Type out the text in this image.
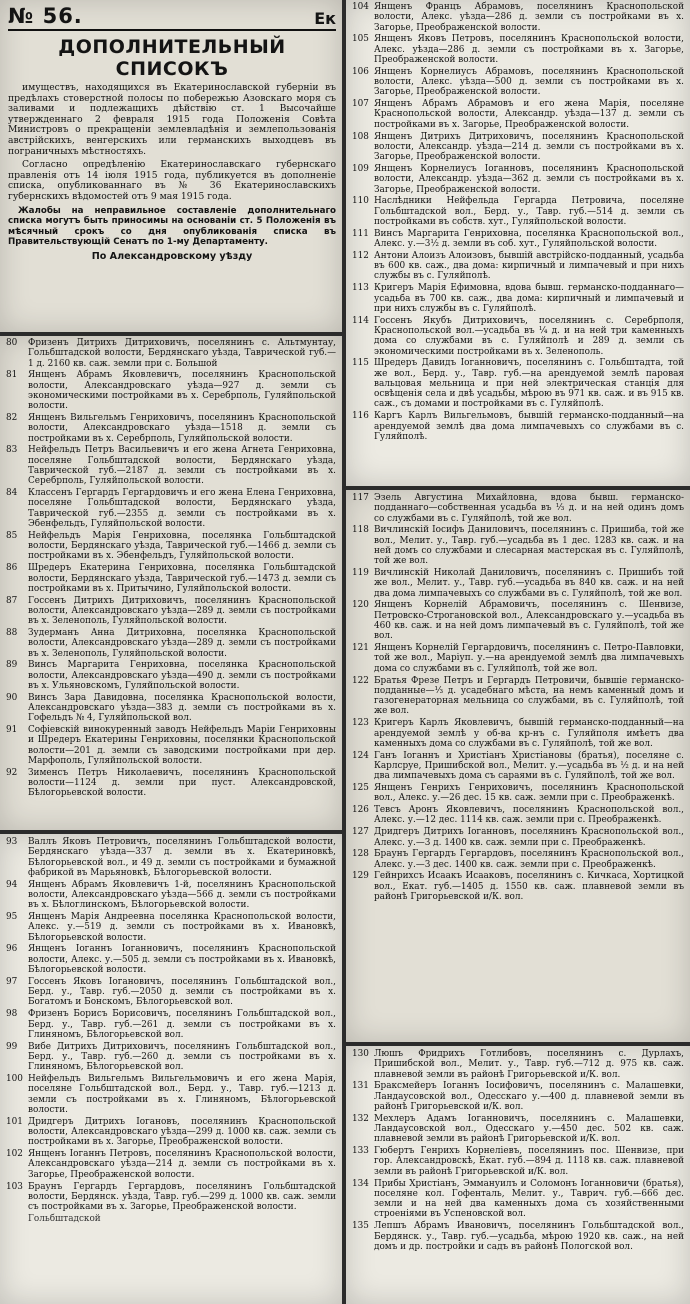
№ 56.	Ек
ДОПОЛНИТЕЛЬНЫЙ СПИСОКЪ

имуществъ, находящихся въ Екатеринославской губерніи въ предѣлахъ стоверстной полосы по побережью Азовскаго моря съ заливами и подлежащихъ дѣйствію ст. 1 Высочайше утвержденнаго 2 февраля 1915 года Положенія Совѣта Министровъ о прекращеніи землевладѣнія и землепользованія австрійскихъ, венгерскихъ или германскихъ выходцевъ въ пограничныхъ мѣстностяхъ.

Согласно опредѣленію Екатеринославскаго губернскаго правленія отъ 14 іюля 1915 года, публикуется въ дополненіе списка, опубликованнаго въ № 36 Екатеринославскихъ губернскихъ вѣдомостей отъ 9 мая 1915 года.

Жалобы на неправильное составленіе дополнительнаго списка могутъ быть приносимы на основаніи ст. 5 Положенія въ мѣсячный срокъ со дня опубликованія списка въ Правительствующій Сенатъ по 1-му Департаменту.

По Александровскому уѣзду

80 Фризенъ Дитрихъ Дитриховичъ, поселянинъ с. Альтмунтау, Гольбштадской волости, Бердянскаго уѣзда, Таврической губ.—1 д. 2160 кв. саж. земли при с. Большой

81 Янщенъ Абрамъ Яковлевичъ, поселянинъ Краснопольской волости, Александровскаго уѣзда—927 д. земли съ экономическими постройками въ х. Серебрполь, Гуляйпольской волости.

82 Янщенъ Вильгельмъ Генриховичъ, поселянинъ Краснопольской волости, Александровскаго уѣзда—1518 д. земли съ постройками въ х. Серебрполь, Гуляйпольской волости.

83 Нейфельдъ Петръ Васильевичъ и его жена Агнета Генриховна, поселяне Гольбштадской волости, Бердянскаго уѣзда, Таврической губ.—2187 д. земли съ постройками въ х. Серебрполь, Гуляйпольской волости.

84 Классенъ Гергардъ Гергардовичъ и его жена Елена Генриховна, поселяне Гольбштадской волости, Бердянскаго уѣзда, Таврической губ.—2355 д. земли съ постройками въ х. Эбенфельдъ, Гуляйпольской волости.

85 Нейфельдъ Марія Генриховна, поселянка Гольбштадской волости, Бердянскаго уѣзда, Таврической губ.—1466 д. земли съ постройками въ х. Эбенфельдъ, Гуляйпольской волости.

86 Шредеръ Екатерина Генриховна, поселянка Гольбштадской волости, Бердянскаго уѣзда, Таврической губ.—1473 д. земли съ постройками въ х. Притычино, Гуляйпольской волости.

87 Госсенъ Дитрихъ Дитриховичъ, поселянинъ Краснопольской волости, Александровскаго уѣзда—289 д. земли съ постройками въ х. Зеленополь, Гуляйпольской волости.

88 Зудерманъ Анна Дитриховна, поселянка Краснопольской волости, Александровскаго уѣзда—289 д. земли съ постройками въ х. Зеленополь, Гуляйпольской волости.

89 Винсъ Маргарита Генриховна, поселянка Краснопольской волости, Александровскаго уѣзда—490 д. земли съ постройками въ х. Ульяновскомъ, Гуляйпольской волости.

90 Винсъ Зара Давидовна, поселянка Краснопольской волости, Александровскаго уѣзда—383 д. земли съ постройками въ х. Гофельдъ № 4, Гуляйпольской вол.

91 Софіевскій винокуренный заводъ Нейфельдъ Маріи Генриховны и Шредеръ Екатерины Генриховны, поселянки Краснопольской волости—201 д. земли съ заводскими постройками при дер. Марфополь, Гуляйпольской волости.

92 Зименсъ Петръ Николаевичъ, поселянинъ Краснопольской волости—1124 д. земли при пуст. Александровской, Бѣлогорьевской волости.

93 Валлъ Яковъ Петровичъ, поселянинъ Гольбштадской волости, Бердянскаго уѣзда—337 д. земли въ х. Екатериновкѣ, Бѣлогорьевской вол., и 49 д. земли съ постройками и бумажной фабрикой въ Марьяновкѣ, Бѣлогорьевской волости.

94 Янщенъ Абрамъ Яковлевичъ 1-й, поселянинъ Краснопольской волости, Александровскаго уѣзда—566 д. земли съ постройками въ х. Бѣлоглинскомъ, Бѣлогорьевской волости.

95 Янщенъ Марія Андреевна поселянка Краснопольской волости, Алекс. у.—519 д. земли съ постройками въ х. Ивановкѣ, Бѣлогорьевской волости.

96 Янщенъ Іоганнъ Іоганновичъ, поселянинъ Краснопольской волости, Алекс. у.—505 д. земли съ постройками въ х. Ивановкѣ, Бѣлогорьевской волости.

97 Госсенъ Яковъ Іогановичъ, поселянинъ Гольбштадской вол., Берд. у., Тавр. губ.—2050 д. земли съ постройками въ х. Богатомъ и Бонскомъ, Бѣлогорьевской вол.

98 Фризенъ Борисъ Борисовичъ, поселянинъ Гольбштадской вол., Берд. у., Тавр. губ.—261 д. земли съ постройками въ х. Глиняномъ, Бѣлогорьевской вол.

99 Вибе Дитрихъ Дитриховичъ, поселянинъ Гольбштадской вол., Берд. у., Тавр. губ.—260 д. земли съ постройками въ х. Глиняномъ, Бѣлогорьевской вол.

100 Нейфельдъ Вильгельмъ Вильгельмовичъ и его жена Марія, поселяне Гольбштадской вол., Берд. у., Тавр. губ.—1213 д. земли съ постройками въ х. Глиняномъ, Бѣлогорьевской волости.

101 Дридгеръ Дитрихъ Іогановъ, поселянинъ Краснопольской волости, Александровскаго уѣзда—299 д. 1000 кв. саж. земли съ постройками въ х. Загорье, Преображенской волости.

102 Янщенъ Іоганнъ Петровъ, поселянинъ Краснопольской волости, Александровскаго уѣзда—214 д. земли съ постройками въ х. Загорье, Преображенской волости.

103 Браунъ Гергардъ Гергардовъ, поселянинъ Гольбштадской волости, Бердянск. уѣзда, Тавр. губ.—299 д. 1000 кв. саж. земли съ постройками въ х. Загорье, Преображенской волости.

Гольбштадской

104 Янщенъ Францъ Абрамовъ, поселянинъ Краснопольской волости, Алекс. уѣзда—286 д. земли съ постройками въ х. Загорье, Преображенской волости.

105 Янщенъ Яковъ Петровъ, поселянинъ Краснопольской волости, Алекс. уѣзда—286 д. земли съ постройками въ х. Загорье, Преображенской волости.

106 Янщенъ Корнелиусъ Абрамовъ, поселянинъ Краснопольской волости, Алекс. уѣзда—500 д. земли съ постройками въ х. Загорье, Преображенской волости.

107 Янщенъ Абрамъ Абрамовъ и его жена Марія, поселяне Краснопольской волости, Александр. уѣзда—137 д. земли съ постройками въ х. Загорье, Преображенской волости.

108 Янщенъ Дитрихъ Дитриховичъ, поселянинъ Краснопольской волости, Александр. уѣзда—214 д. земли съ постройками въ х. Загорье, Преображенской волости.

109 Янщенъ Корнелиусъ Іоганновъ, поселянинъ Краснопольской волости, Александр. уѣзда—362 д. земли съ постройками въ х. Загорье, Преображенской волости.

110 Наслѣдники Нейфельда Гергарда Петровича, поселяне Гольбштадской вол., Берд. у., Тавр. губ.—514 д. земли съ постройками въ собств. хут., Гуляйпольской волости.

111 Винсъ Маргарита Генриховна, поселянка Краснопольской вол., Алекс. у.—3½ д. земли въ соб. хут., Гуляйпольской волости.

112 Антони Алоизъ Алоизовъ, бывшій австрійско-подданный, усадьба въ 600 кв. саж., два дома: кирпичный и лимпачевый и при нихъ службы въ с. Гуляйполѣ.

113 Кригеръ Марія Ефимовна, вдова бывш. германско-подданнаго—усадьба въ 700 кв. саж., два дома: кирпичный и лимпачевый и при нихъ службы въ с. Гуляйполѣ.

114 Госсенъ Якубъ Дитриховичъ, поселянинъ с. Серебрполя, Краснопольской вол.—усадьба въ ¼ д. и на ней три каменныхъ дома со службами въ с. Гуляйполѣ и 289 д. земли съ экономическими постройками въ х. Зеленополь.

115 Шредеръ Давидъ Іоганновичъ, поселянинъ с. Гольбштадта, той же вол., Берд. у., Тавр. губ.—на арендуемой землѣ паровая вальцовая мельница и при ней электрическая станція для освѣщенія села и двѣ усадьбы, мѣрою въ 971 кв. саж. и въ 915 кв. саж., съ домами и постройками въ с. Гуляйполѣ.

116 Каргъ Карлъ Вильгельмовъ, бывшій германско-подданный—на арендуемой землѣ два дома лимпачевыхъ со службами въ с. Гуляйполѣ.

117 Эзель Августина Михайловна, вдова бывш. германско-подданнаго—собственная усадьба въ ⅓ д. и на ней одинъ домъ со службами въ с. Гуляйполѣ, той же вол.

118 Вичлинскій Іосифъ Даниловичъ, поселянинъ с. Пришиба, той же вол., Мелит. у., Тавр. губ.—усадьба въ 1 дес. 1283 кв. саж. и на ней домъ со службами и слесарная мастерская въ с. Гуляйполѣ, той же вол.

119 Вичлинскій Николай Даниловичъ, поселянинъ с. Пришибъ той же вол., Мелит. у., Тавр. губ.—усадьба въ 840 кв. саж. и на ней два дома лимпачевыхъ со службами въ с. Гуляйполѣ, той же вол.

120 Янщенъ Корнелій Абрамовичъ, поселянинъ с. Шенвизе, Петровско-Строгановской вол., Александровскаго у.—усадьба въ 460 кв. саж. и на ней домъ лимпачевый въ с. Гуляйполѣ, той же вол.

121 Янщенъ Корнелій Гергардовичъ, поселянинъ с. Петро-Павловки, той же вол., Маріуп. у.—на арендуемой землѣ два лимпачевыхъ дома со службами въ с. Гуляйполѣ, той же вол.

122 Братья Фрезе Петръ и Гергардъ Петровичи, бывшіе германско-подданные—⅓ д. усадебнаго мѣста, на немъ каменный домъ и газогенераторная мельница со службами, въ с. Гуляйполѣ, той же вол.

123 Кригеръ Карлъ Яковлевичъ, бывшій германско-подданный—на арендуемой землѣ у об-ва кр-нъ с. Гуляйполя имѣетъ два каменныхъ дома со службами въ с. Гуляйполѣ, той же вол.

124 Ганъ Іоганнъ и Христіанъ Христіановы (братья), поселяне с. Карлсруе, Пришибской вол., Мелит. у.—усадьба въ ½ д. и на ней два лимпачевыхъ дома съ сараями въ с. Гуляйполѣ, той же вол.

125 Янщенъ Генрихъ Генриховичъ, поселянинъ Краснопольской вол., Алекс. у.—26 дес. 15 кв. саж. земли при с. Преображенкѣ.

126 Тевсъ Аронъ Яковлевичъ, поселянинъ Краснопольской вол., Алекс. у.—12 дес. 1114 кв. саж. земли при с. Преображенкѣ.

127 Дридгеръ Дитрихъ Іоганновъ, поселянинъ Краснопольской вол., Алекс. у.—3 д. 1400 кв. саж. земли при с. Преображенкѣ.

128 Браунъ Гергардъ Гергардовъ, поселянинъ Краснопольской вол., Алекс. у.—3 дес. 1400 кв. саж. земли при с. Преображенкѣ.

129 Гейнрихсъ Исаакъ Исааковъ, поселянинъ с. Кичкаса, Хортицкой вол., Екат. губ.—1405 д. 1550 кв. саж. плавневой земли въ районѣ Григорьевской и/К. вол.

130 Люшъ Фридрихъ Готлибовъ, поселянинъ с. Дурлахъ, Пришибской вол., Мелит. у., Тавр. губ.—712 д. 975 кв. саж. плавневой земли въ районѣ Григорьевской и/К. вол.

131 Браксмейеръ Іоганнъ Іосифовичъ, поселянинъ с. Малашевки, Ландаусовской вол., Одесскаго у.—400 д. плавневой земли въ районѣ Григорьевской и/К. вол.

132 Мехлеръ Адамъ Іоганновичъ, поселянинъ с. Малашевки, Ландаусовской вол., Одесскаго у.—450 дес. 502 кв. саж. плавневой земли въ районѣ Григорьевской и/К. вол.

133 Гюбертъ Генрихъ Корнеліевъ, поселянинъ пос. Шенвизе, при гор. Александровскѣ, Екат. губ.—894 д. 1118 кв. саж. плавневой земли въ районѣ Григорьевской и/К. вол.

134 Прибы Христіанъ, Эммануилъ и Соломонъ Іоганновичи (братья), поселяне кол. Гофенталь, Мелит. у., Таврич. губ.—666 дес. земли и на ней два каменныхъ дома съ хозяйственными строеніями въ Успеновской вол.

135 Лепшъ Абрамъ Ивановичъ, поселянинъ Гольбштадской вол., Бердянск. у., Тавр. губ.—усадьба, мѣрою 1920 кв. саж., на ней домъ и др. постройки и садъ въ районѣ Пологской вол.
